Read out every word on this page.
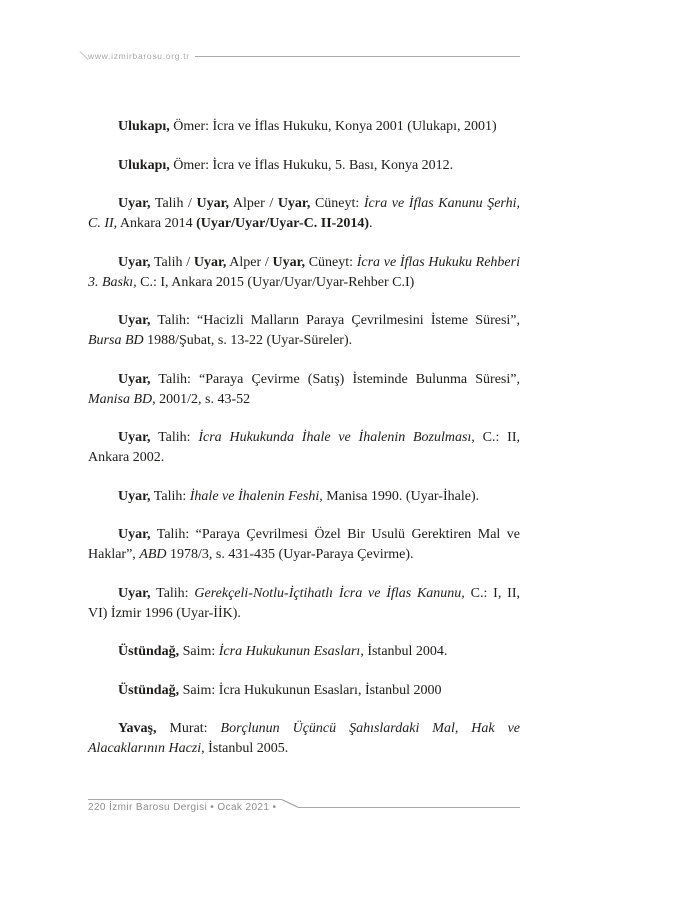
www.izmirbarosu.org.tr

Ulukapı, Ömer: İcra ve İflas Hukuku, Konya 2001 (Ulukapı, 2001)

Ulukapı, Ömer: İcra ve İflas Hukuku, 5. Bası, Konya 2012.

Uyar, Talih / Uyar, Alper / Uyar, Cüneyt: İcra ve İflas Kanunu Şerhi, C. II, Ankara 2014 (Uyar/Uyar/Uyar-C. II-2014).

Uyar, Talih / Uyar, Alper / Uyar, Cüneyt: İcra ve İflas Hukuku Rehberi 3. Baskı, C.: I, Ankara 2015 (Uyar/Uyar/Uyar-Rehber C.I)

Uyar, Talih: “Hacizli Malların Paraya Çevrilmesini İsteme Süresi”, Bursa BD 1988/Şubat, s. 13-22 (Uyar-Süreler).

Uyar, Talih: “Paraya Çevirme (Satış) İsteminde Bulunma Süresi”, Manisa BD, 2001/2, s. 43-52

Uyar, Talih: İcra Hukukunda İhale ve İhalenin Bozulması, C.: II, Ankara 2002.

Uyar, Talih: İhale ve İhalenin Feshi, Manisa 1990. (Uyar-İhale).

Uyar, Talih: “Paraya Çevrilmesi Özel Bir Usulü Gerektiren Mal ve Haklar”, ABD 1978/3, s. 431-435 (Uyar-Paraya Çevirme).

Uyar, Talih: Gerekçeli-Notlu-İçtihatlı İcra ve İflas Kanunu, C.: I, II, VI) İzmir 1996 (Uyar-İİK).

Üstündağ, Saim: İcra Hukukunun Esasları, İstanbul 2004.

Üstündağ, Saim: İcra Hukukunun Esasları, İstanbul 2000

Yavaş, Murat: Borçlunun Üçüncü Şahıslardaki Mal, Hak ve Alacaklarının Haczi, İstanbul 2005.

220 İzmir Barosu Dergisi • Ocak 2021 •
